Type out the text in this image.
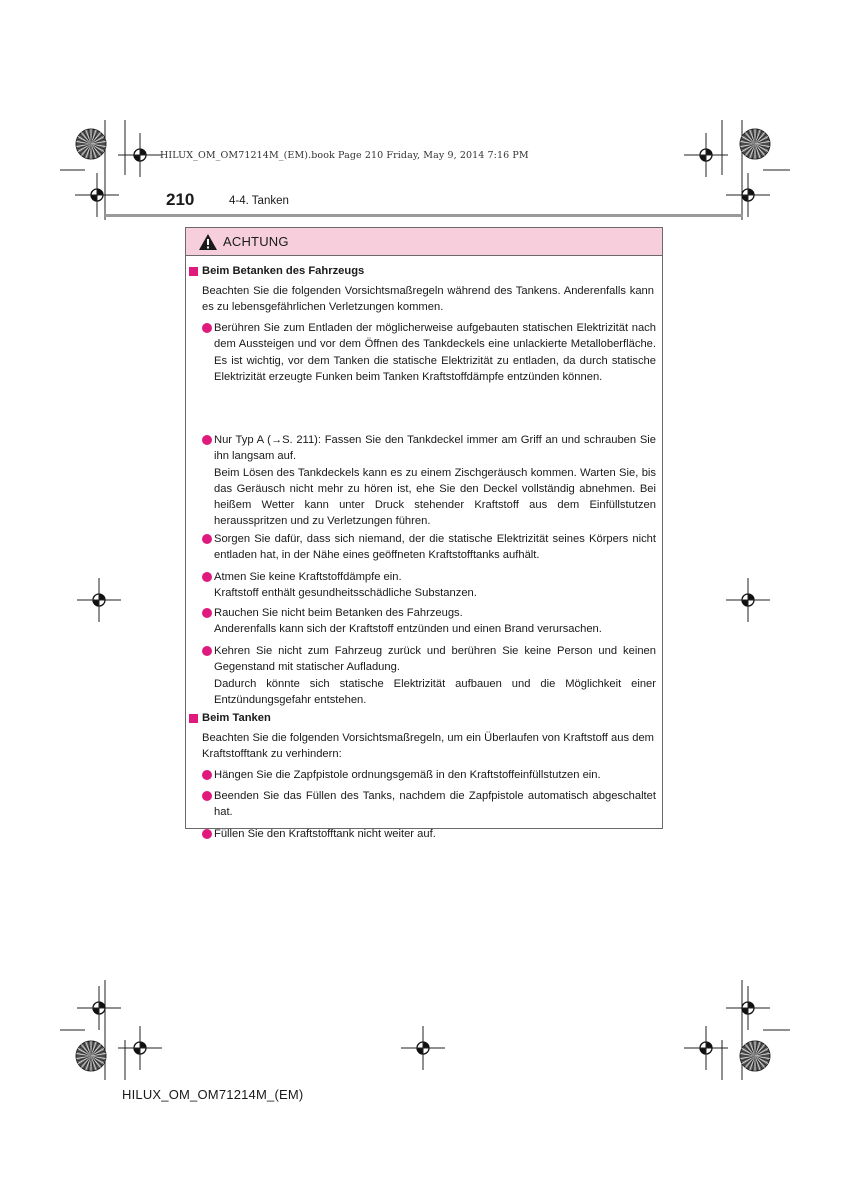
HILUX_OM_OM71214M_(EM).book Page 210 Friday, May 9, 2014 7:16 PM
210	4-4. Tanken
ACHTUNG
Beim Betanken des Fahrzeugs
Beachten Sie die folgenden Vorsichtsmaßregeln während des Tankens. Anderenfalls kann es zu lebensgefährlichen Verletzungen kommen.

Berühren Sie zum Entladen der möglicherweise aufgebauten statischen Elektrizität nach dem Aussteigen und vor dem Öffnen des Tankdeckels eine unlackierte Metalloberfläche. Es ist wichtig, vor dem Tanken die statische Elektrizität zu entladen, da durch statische Elektrizität erzeugte Funken beim Tanken Kraftstoffdämpfe entzünden können.

Nur Typ A (→S. 211): Fassen Sie den Tankdeckel immer am Griff an und schrauben Sie ihn langsam auf.

Beim Lösen des Tankdeckels kann es zu einem Zischgeräusch kommen. Warten Sie, bis das Geräusch nicht mehr zu hören ist, ehe Sie den Deckel vollständig abnehmen. Bei heißem Wetter kann unter Druck stehender Kraftstoff aus dem Einfüllstutzen herausspritzen und zu Verletzungen führen.

Sorgen Sie dafür, dass sich niemand, der die statische Elektrizität seines Körpers nicht entladen hat, in der Nähe eines geöffneten Kraftstofftanks aufhält.

Atmen Sie keine Kraftstoffdämpfe ein.

Kraftstoff enthält gesundheitsschädliche Substanzen.

Rauchen Sie nicht beim Betanken des Fahrzeugs.

Anderenfalls kann sich der Kraftstoff entzünden und einen Brand verursachen.

Kehren Sie nicht zum Fahrzeug zurück und berühren Sie keine Person und keinen Gegenstand mit statischer Aufladung.

Dadurch könnte sich statische Elektrizität aufbauen und die Möglichkeit einer Entzündungsgefahr entstehen.

Beim Tanken
Beachten Sie die folgenden Vorsichtsmaßregeln, um ein Überlaufen von Kraftstoff aus dem Kraftstofftank zu verhindern:

Hängen Sie die Zapfpistole ordnungsgemäß in den Kraftstoffeinfüllstutzen ein.

Beenden Sie das Füllen des Tanks, nachdem die Zapfpistole automatisch abgeschaltet hat.

Füllen Sie den Kraftstofftank nicht weiter auf.

HILUX_OM_OM71214M_(EM)
